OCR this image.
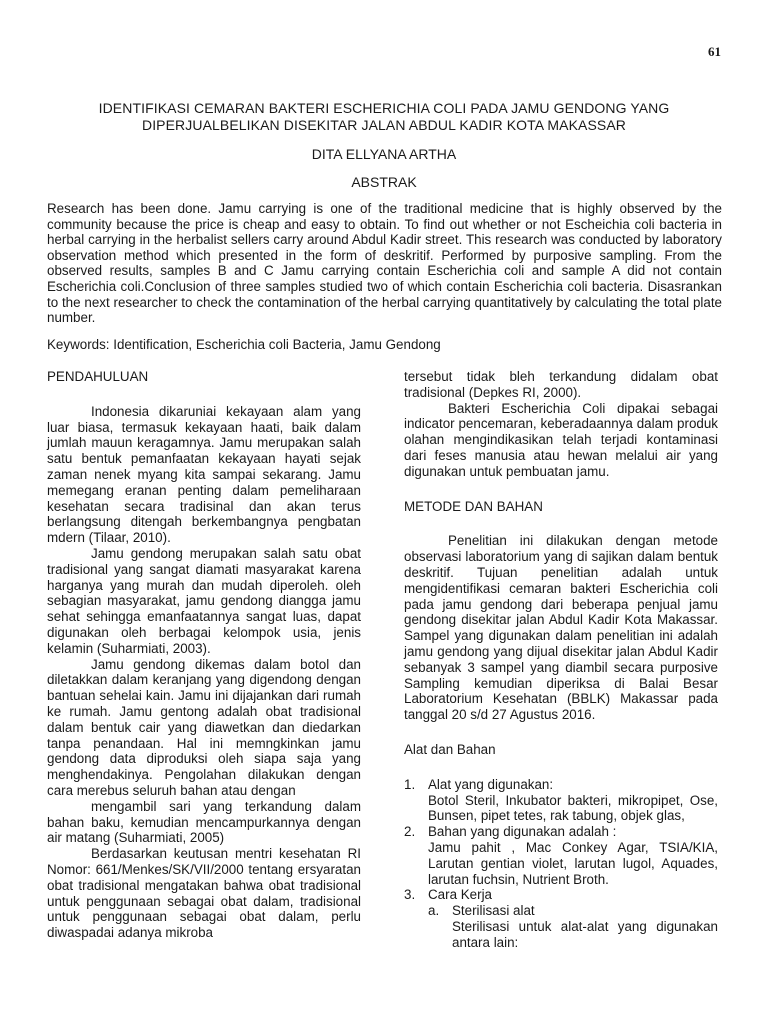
61
IDENTIFIKASI CEMARAN BAKTERI ESCHERICHIA COLI PADA JAMU GENDONG YANG
DIPERJUALBELIKAN DISEKITAR JALAN ABDUL KADIR KOTA MAKASSAR
DITA ELLYANA ARTHA
ABSTRAK
Research has been done. Jamu carrying is one of the traditional medicine that is highly observed by the community because the price is cheap and easy to obtain. To find out whether or not Escheichia coli bacteria in herbal carrying in the herbalist sellers carry around Abdul Kadir street. This research was conducted by laboratory observation method which presented in the form of deskritif. Performed by purposive sampling. From the observed results, samples B and C Jamu carrying contain Escherichia coli and sample A did not contain Escherichia coli.Conclusion of three samples studied two of which contain Escherichia coli bacteria. Disasrankan to the next researcher to check the contamination of the herbal carrying quantitatively by calculating the total plate number.
Keywords: Identification, Escherichia coli Bacteria, Jamu Gendong
PENDAHULUAN

Indonesia dikaruniai kekayaan alam yang luar biasa, termasuk kekayaan haati, baik dalam jumlah mauun keragamnya. Jamu merupakan salah satu bentuk pemanfaatan kekayaan hayati sejak zaman nenek myang kita sampai sekarang. Jamu memegang eranan penting dalam pemeliharaan kesehatan secara tradisinal dan akan terus berlangsung ditengah berkembangnya pengbatan mdern (Tilaar, 2010).

Jamu gendong merupakan salah satu obat tradisional yang sangat diamati masyarakat karena harganya yang murah dan mudah diperoleh. oleh sebagian masyarakat, jamu gendong diangga jamu sehat sehingga emanfaatannya sangat luas, dapat digunakan oleh berbagai kelompok usia, jenis kelamin (Suharmiati, 2003).

Jamu gendong dikemas dalam botol dan diletakkan dalam keranjang yang digendong dengan bantuan sehelai kain. Jamu ini dijajankan dari rumah ke rumah. Jamu gentong adalah obat tradisional dalam bentuk cair yang diawetkan dan diedarkan tanpa penandaan. Hal ini memngkinkan jamu gendong data diproduksi oleh siapa saja yang menghendakinya. Pengolahan dilakukan dengan cara merebus seluruh bahan atau dengan

mengambil sari yang terkandung dalam bahan baku, kemudian mencampurkannya dengan air matang (Suharmiati, 2005)

Berdasarkan keutusan mentri kesehatan RI Nomor: 661/Menkes/SK/VII/2000 tentang ersyaratan obat tradisional mengatakan bahwa obat tradisional untuk penggunaan sebagai obat dalam, tradisional untuk penggunaan sebagai obat dalam, perlu diwaspadai adanya mikroba

tersebut tidak bleh terkandung didalam obat tradisional (Depkes RI, 2000).

Bakteri Escherichia Coli dipakai sebagai indicator pencemaran, keberadaannya dalam produk olahan mengindikasikan telah terjadi kontaminasi dari feses manusia atau hewan melalui air yang digunakan untuk pembuatan jamu.

METODE DAN BAHAN

Penelitian ini dilakukan dengan metode observasi laboratorium yang di sajikan dalam bentuk deskritif. Tujuan penelitian adalah untuk mengidentifikasi cemaran bakteri Escherichia coli pada jamu gendong dari beberapa penjual jamu gendong disekitar jalan Abdul Kadir Kota Makassar. Sampel yang digunakan dalam penelitian ini adalah jamu gendong yang dijual disekitar jalan Abdul Kadir sebanyak 3 sampel yang diambil secara purposive Sampling kemudian diperiksa di Balai Besar Laboratorium Kesehatan (BBLK) Makassar pada tanggal 20 s/d 27 Agustus 2016.

Alat dan Bahan
1. Alat yang digunakan:
Botol Steril, Inkubator bakteri, mikropipet, Ose, Bunsen, pipet tetes, rak tabung, objek glas,
2. Bahan yang digunakan adalah :
Jamu pahit , Mac Conkey Agar, TSIA/KIA, Larutan gentian violet, larutan lugol, Aquades, larutan fuchsin, Nutrient Broth.
3. Cara Kerja
a. Sterilisasi alat
Sterilisasi untuk alat-alat yang digunakan antara lain:
